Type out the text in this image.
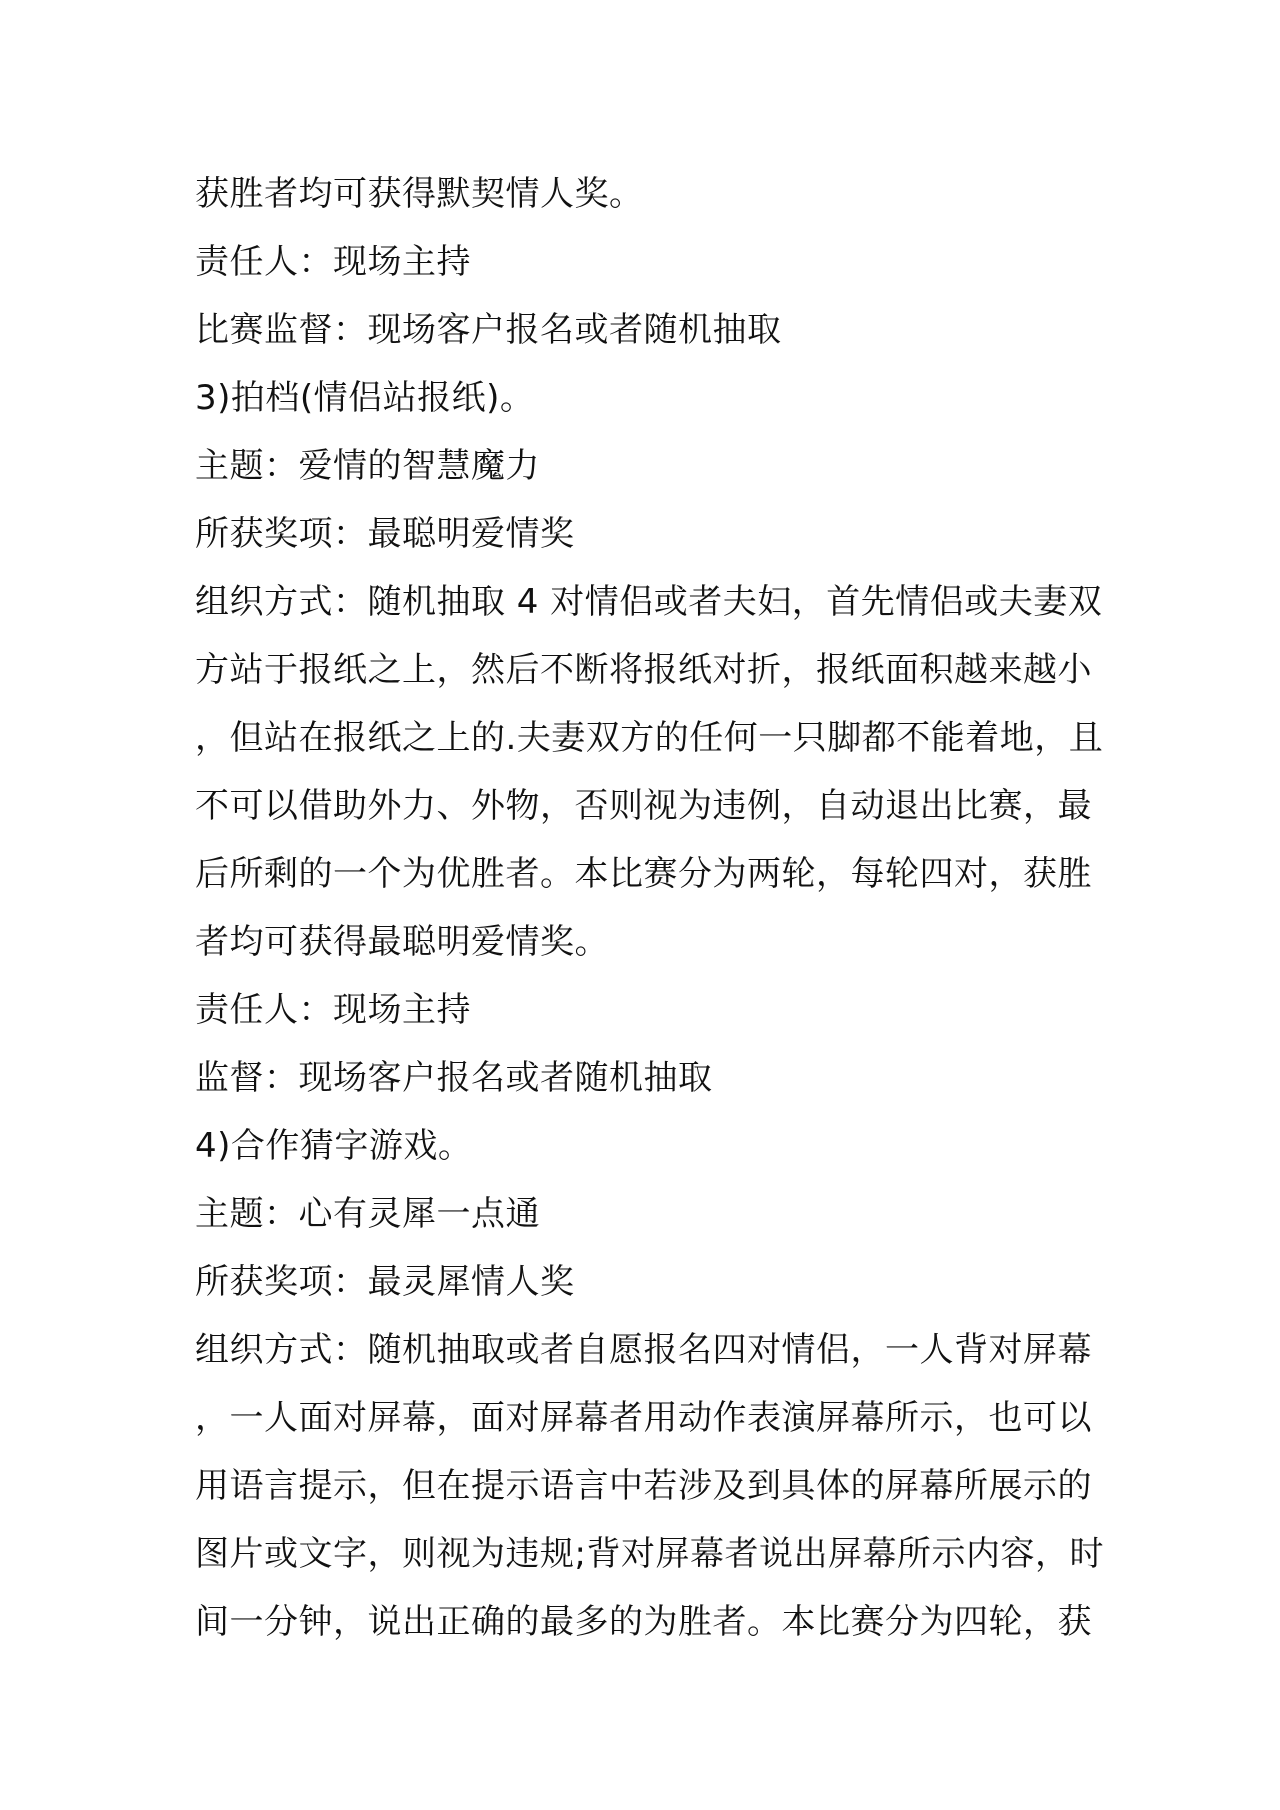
获胜者均可获得默契情人奖。
责任人：现场主持
比赛监督：现场客户报名或者随机抽取
3)拍档(情侣站报纸)。
主题：爱情的智慧魔力
所获奖项：最聪明爱情奖
组织方式：随机抽取 4 对情侣或者夫妇，首先情侣或夫妻双
方站于报纸之上，然后不断将报纸对折，报纸面积越来越小
，但站在报纸之上的.夫妻双方的任何一只脚都不能着地，且
不可以借助外力、外物，否则视为违例，自动退出比赛，最
后所剩的一个为优胜者。本比赛分为两轮，每轮四对，获胜
者均可获得最聪明爱情奖。
责任人：现场主持
监督：现场客户报名或者随机抽取
4)合作猜字游戏。
主题：心有灵犀一点通
所获奖项：最灵犀情人奖
组织方式：随机抽取或者自愿报名四对情侣，一人背对屏幕
，一人面对屏幕，面对屏幕者用动作表演屏幕所示，也可以
用语言提示，但在提示语言中若涉及到具体的屏幕所展示的
图片或文字，则视为违规;背对屏幕者说出屏幕所示内容，时
间一分钟，说出正确的最多的为胜者。本比赛分为四轮，获
